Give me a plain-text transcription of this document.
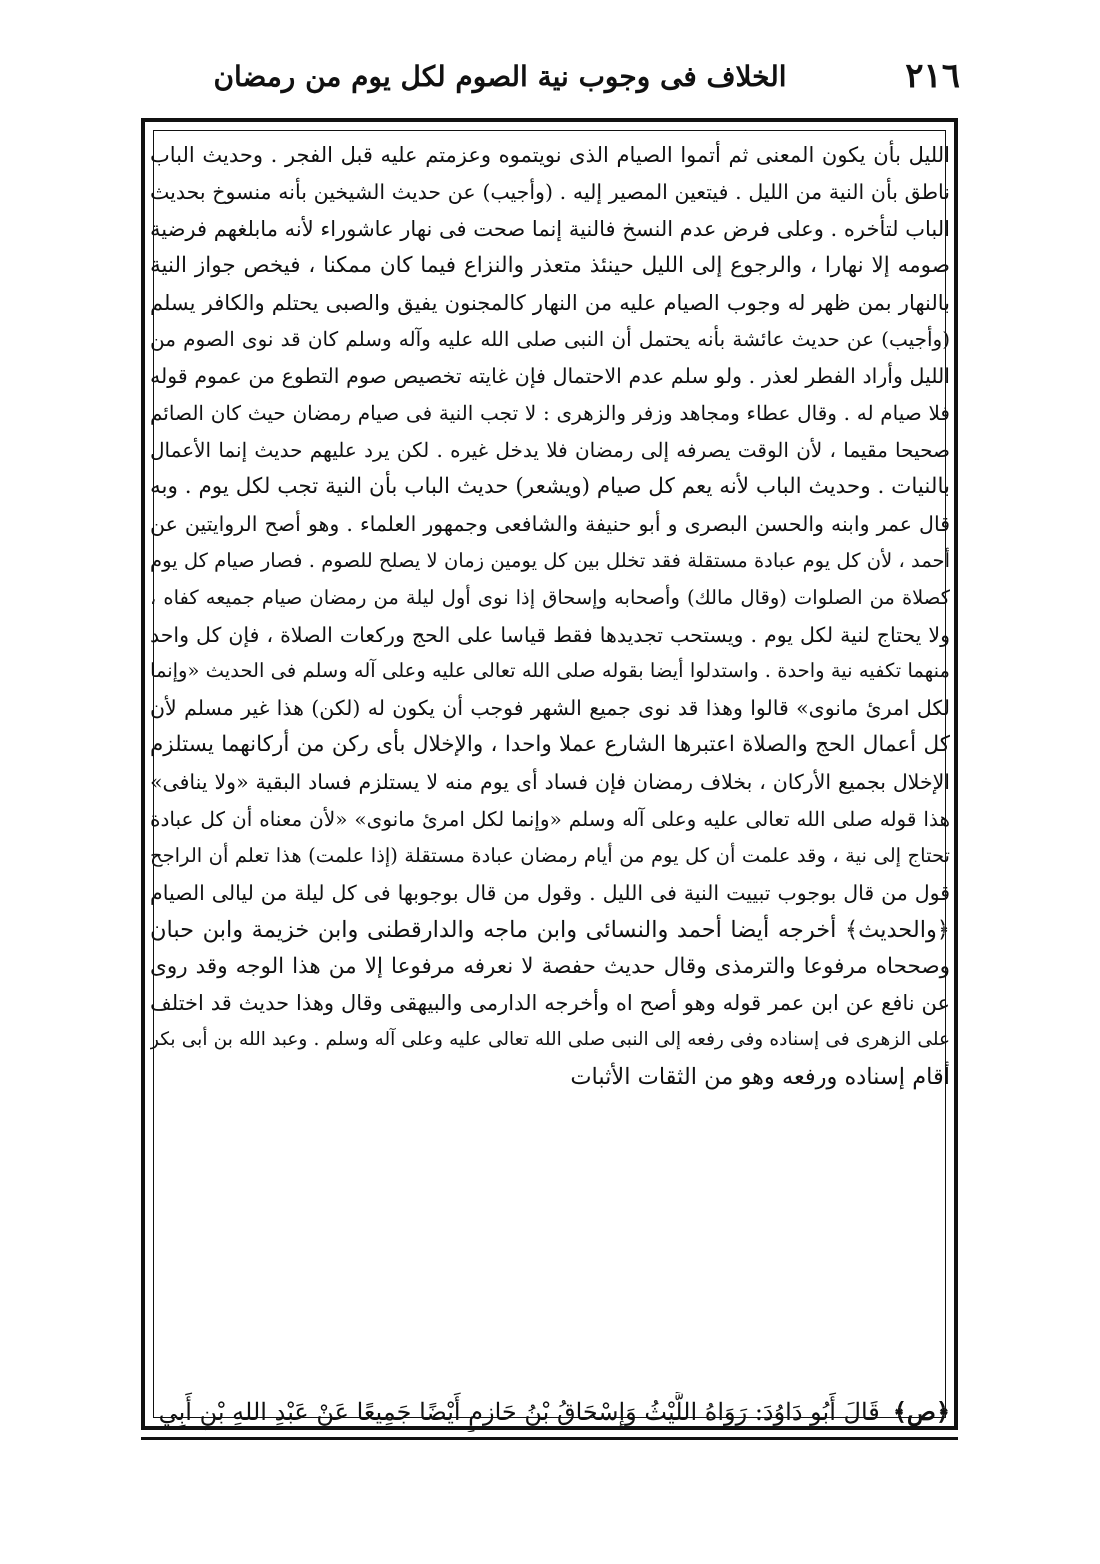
٢١٦
الخلاف فى وجوب نية الصوم لكل يوم من رمضان
الليل بأن يكون المعنى ثم أتموا الصيام الذى نويتموه وعزمتم عليه قبل الفجر . وحديث الباب
ناطق بأن النية من الليل . فيتعين المصير إليه . (وأجيب) عن حديث الشيخين بأنه منسوخ بحديث
الباب لتأخره . وعلى فرض عدم النسخ فالنية إنما صحت فى نهار عاشوراء لأنه مابلغهم فرضية
صومه إلا نهارا ، والرجوع إلى الليل حينئذ متعذر والنزاع فيما كان ممكنا ، فيخص جواز النية
بالنهار بمن ظهر له وجوب الصيام عليه من النهار كالمجنون يفيق والصبى يحتلم والكافر يسلم
(وأجيب) عن حديث عائشة بأنه يحتمل أن النبى صلى الله عليه وآله وسلم كان قد نوى الصوم من
الليل وأراد الفطر لعذر . ولو سلم عدم الاحتمال فإن غايته تخصيص صوم التطوع من عموم قوله
فلا صيام له . وقال عطاء ومجاهد وزفر والزهرى : لا تجب النية فى صيام رمضان حيث كان الصائم
صحيحا مقيما ، لأن الوقت يصرفه إلى رمضان فلا يدخل غيره . لكن يرد عليهم حديث إنما الأعمال
بالنيات . وحديث الباب لأنه يعم كل صيام (ويشعر) حديث الباب بأن النية تجب لكل يوم . وبه
قال عمر وابنه والحسن البصرى و أبو حنيفة والشافعى وجمهور العلماء . وهو أصح الروايتين عن
أحمد ، لأن كل يوم عبادة مستقلة فقد تخلل بين كل يومين زمان لا يصلح للصوم . فصار صيام كل يوم
كصلاة من الصلوات (وقال مالك) وأصحابه وإسحاق إذا نوى أول ليلة من رمضان صيام جميعه كفاه ،
ولا يحتاج لنية لكل يوم . ويستحب تجديدها فقط قياسا على الحج وركعات الصلاة ، فإن كل واحد
منهما تكفيه نية واحدة . واستدلوا أيضا بقوله صلى الله تعالى عليه وعلى آله وسلم فى الحديث «وإنما
لكل امرئ مانوى» قالوا وهذا قد نوى جميع الشهر فوجب أن يكون له (لكن) هذا غير مسلم لأن
كل أعمال الحج والصلاة اعتبرها الشارع عملا واحدا ، والإخلال بأى ركن من أركانهما يستلزم
الإخلال بجميع الأركان ، بخلاف رمضان فإن فساد أى يوم منه لا يستلزم فساد البقية «ولا ينافى»
هذا قوله صلى الله تعالى عليه وعلى آله وسلم «وإنما لكل امرئ مانوى» «لأن معناه أن كل عبادة
تحتاج إلى نية ، وقد علمت أن كل يوم من أيام رمضان عبادة مستقلة (إذا علمت) هذا تعلم أن الراجح
قول من قال بوجوب تبييت النية فى الليل . وقول من قال بوجوبها فى كل ليلة من ليالى الصيام
﴿والحديث﴾ أخرجه أيضا أحمد والنسائى وابن ماجه والدارقطنى وابن خزيمة وابن حبان
وصححاه مرفوعا والترمذى وقال حديث حفصة لا نعرفه مرفوعا إلا من هذا الوجه وقد روى
عن نافع عن ابن عمر قوله وهو أصح اه وأخرجه الدارمى والبيهقى وقال وهذا حديث قد اختلف
على الزهرى فى إسناده وفى رفعه إلى النبى صلى الله تعالى عليه وعلى آله وسلم . وعبد الله بن أبى بكر
أقام إسناده ورفعه وهو من الثقات الأثبات
﴿ص﴾ قَالَ أَبُو دَاوُدَ: رَوَاهُ اللَّيْثُ وَإِسْحَاقُ بْنُ حَازِمٍ أَيْضًا جَمِيعًا عَنْ عَبْدِ اللهِ بْنِ أَبِي
